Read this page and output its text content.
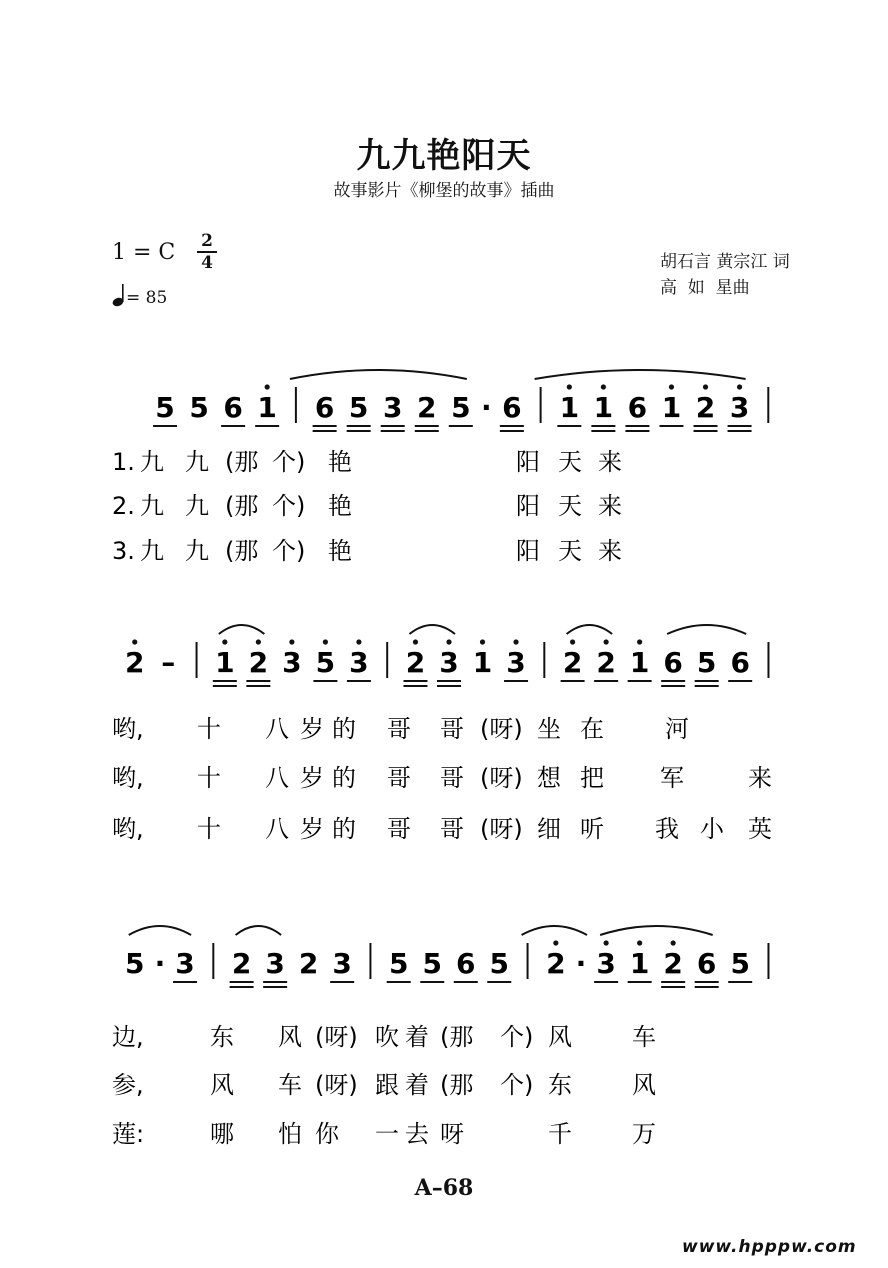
九九艳阳天
故事影片《柳堡的故事》插曲
1 = C 2
4
= 85
胡石言 黄宗江 词
高  如  星曲
5 5 6 1 6 5 3 2 5 · 6 1 1 6 1 2 3
1. 九 九 (那 个) 艳	阳 天 来
2. 九 九 (那 个) 艳	阳 天 来
3. 九 九 (那 个) 艳	阳 天 来
2 – 1 2 3 5 3 2 3 1 3 2 2 1 6 5 6
哟, 十 八 岁 的 哥 哥 (呀) 坐 在	河
哟, 十 八 岁 的 哥 哥 (呀) 想 把 军	来
哟, 十 八 岁 的 哥 哥 (呀) 细 听 我 小 英
5 · 3 2 3 2 3 5 5 6 5 2 · 3 1 2 6 5
边,	东 风 (呀) 吹 着 (那 个) 风	车
参,	风 车 (呀) 跟 着 (那 个) 东	风
莲:	哪 怕 你 一 去 呀	千	万
A–68
www.hpppw.com
